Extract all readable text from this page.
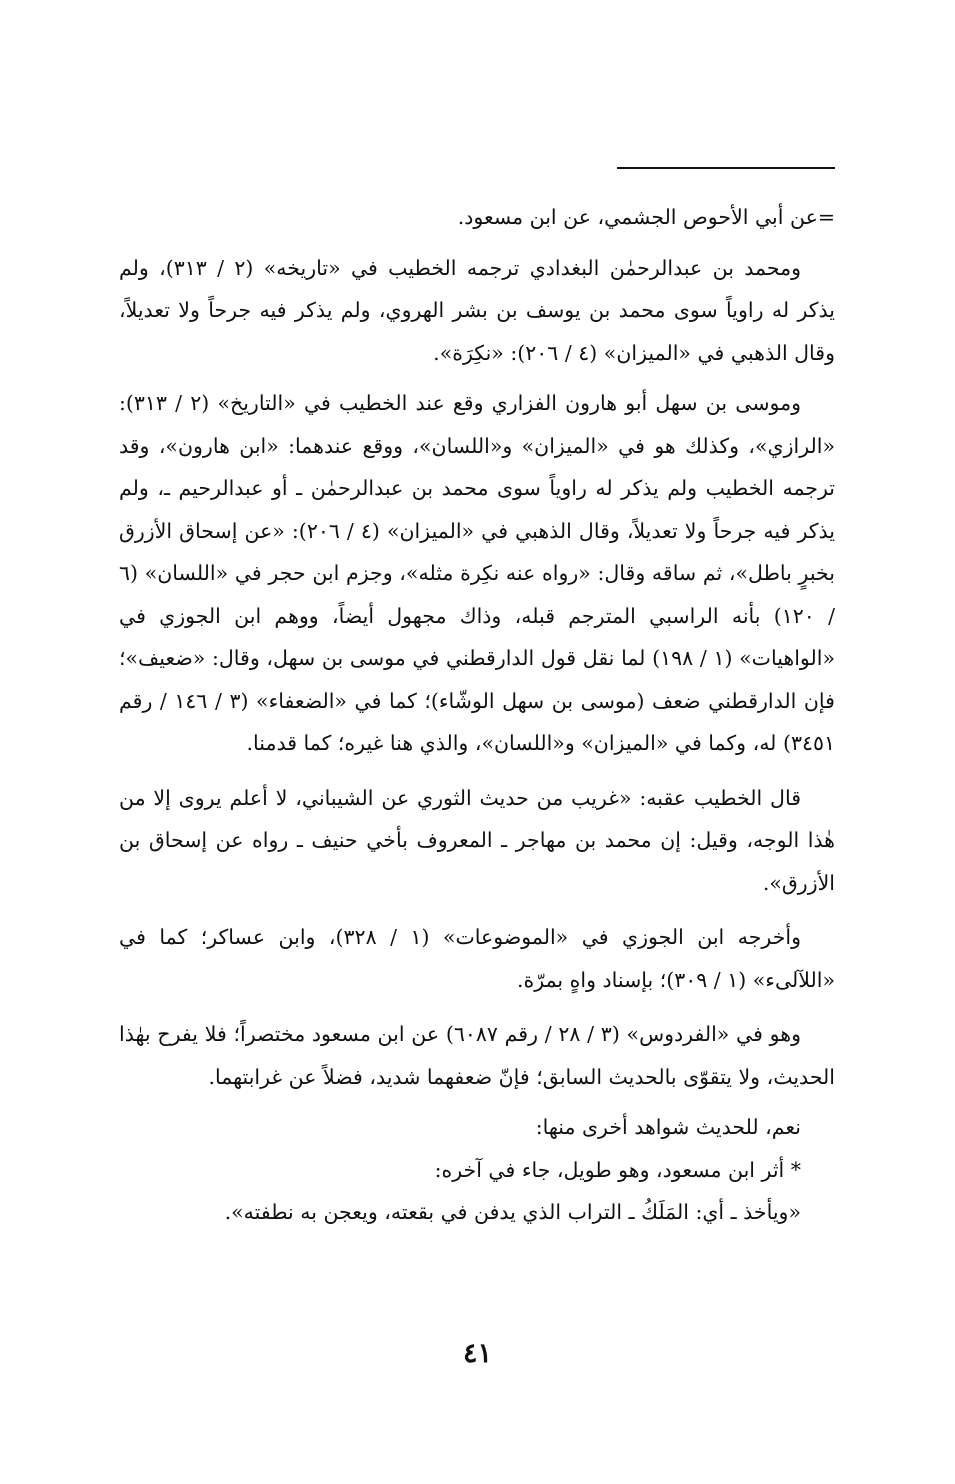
=عن أبي الأحوص الجشمي، عن ابن مسعود.

ومحمد بن عبدالرحمٰن البغدادي ترجمه الخطيب في «تاريخه» (٢ / ٣١٣)، ولم يذكر له راوياً سوى محمد بن يوسف بن بشر الهروي، ولم يذكر فيه جرحاً ولا تعديلاً، وقال الذهبي في «الميزان» (٤ / ٢٠٦): «نكِرَة».

وموسى بن سهل أبو هارون الفزاري وقع عند الخطيب في «التاريخ» (٢ / ٣١٣): «الرازي»، وكذلك هو في «الميزان» و«اللسان»، ووقع عندهما: «ابن هارون»، وقد ترجمه الخطيب ولم يذكر له راوياً سوى محمد بن عبدالرحمٰن ـ أو عبدالرحيم ـ، ولم يذكر فيه جرحاً ولا تعديلاً، وقال الذهبي في «الميزان» (٤ / ٢٠٦): «عن إسحاق الأزرق بخبرٍ باطل»، ثم ساقه وقال: «رواه عنه نكِرة مثله»، وجزم ابن حجر في «اللسان» (٦ / ١٢٠) بأنه الراسبي المترجم قبله، وذاك مجهول أيضاً، ووهم ابن الجوزي في «الواهيات» (١ / ١٩٨) لما نقل قول الدارقطني في موسى بن سهل، وقال: «ضعيف»؛ فإن الدارقطني ضعف (موسى بن سهل الوشّاء)؛ كما في «الضعفاء» (٣ / ١٤٦ / رقم ٣٤٥١) له، وكما في «الميزان» و«اللسان»، والذي هنا غيره؛ كما قدمنا.

قال الخطيب عقبه: «غريب من حديث الثوري عن الشيباني، لا أعلم يروى إلا من هٰذا الوجه، وقيل: إن محمد بن مهاجر ـ المعروف بأخي حنيف ـ رواه عن إسحاق بن الأزرق».

وأخرجه ابن الجوزي في «الموضوعات» (١ / ٣٢٨)، وابن عساكر؛ كما في «اللآلىء» (١ / ٣٠٩)؛ بإسناد واهٍ بمرّة.

وهو في «الفردوس» (٣ / ٢٨ / رقم ٦٠٨٧) عن ابن مسعود مختصراً؛ فلا يفرح بهٰذا الحديث، ولا يتقوّى بالحديث السابق؛ فإنّ ضعفهما شديد، فضلاً عن غرابتهما.

نعم، للحديث شواهد أخرى منها:

* أثر ابن مسعود، وهو طويل، جاء في آخره:

«ويأخذ ـ أي: المَلَكُ ـ التراب الذي يدفن في بقعته، ويعجن به نطفته».

٤١
